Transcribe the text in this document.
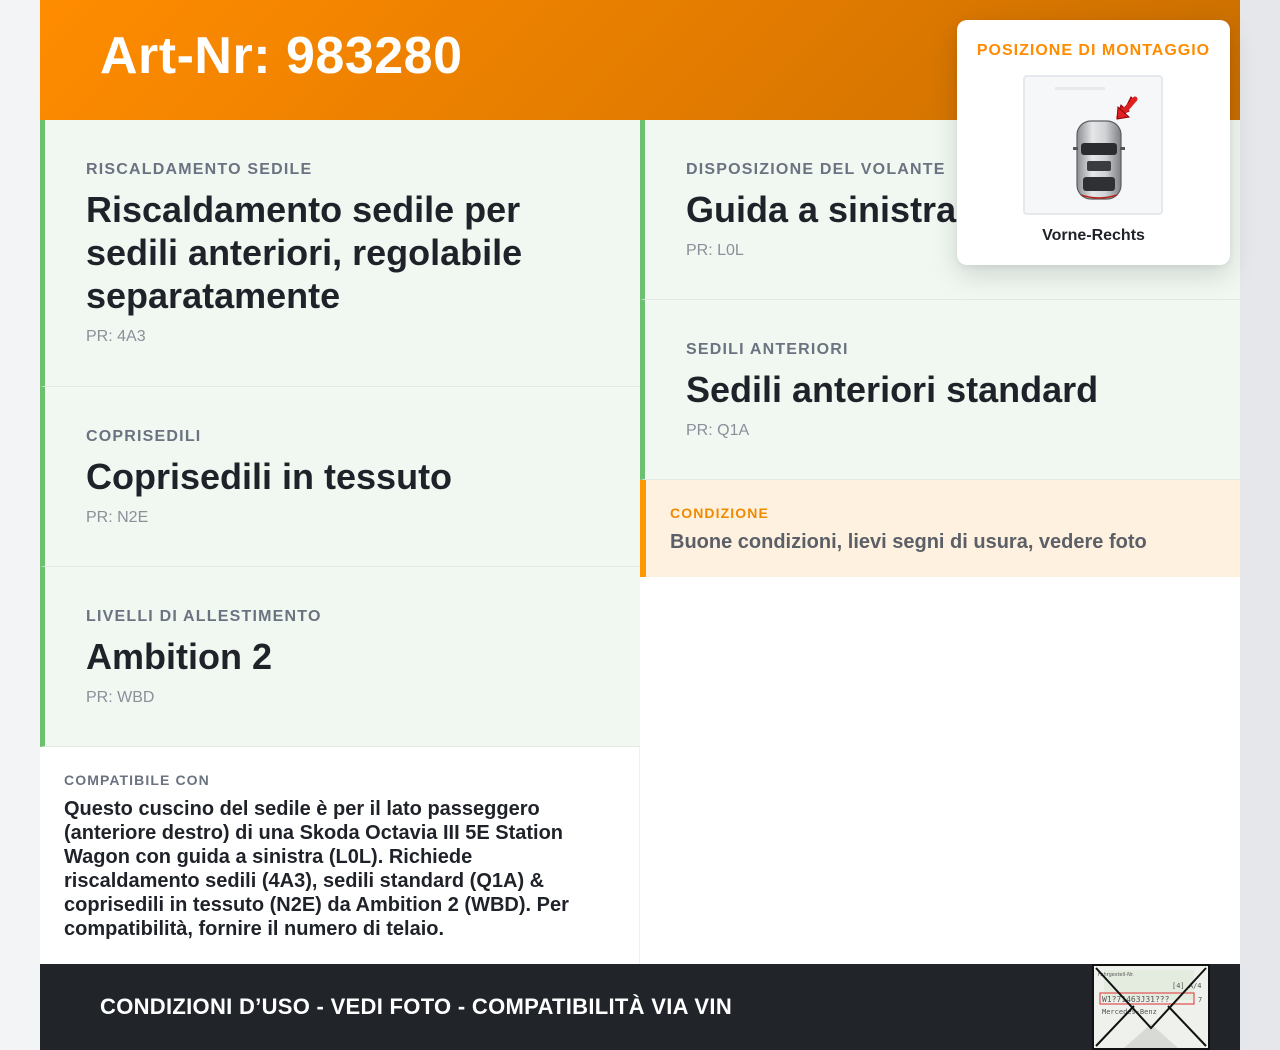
Art-Nr: 983280
RISCALDAMENTO SEDILE
Riscaldamento sedile per sedili anteriori, regolabile separatamente
PR: 4A3
COPRISEDILI
Coprisedili in tessuto
PR: N2E
LIVELLI DI ALLESTIMENTO
Ambition 2
PR: WBD
COMPATIBILE CON
Questo cuscino del sedile è per il lato passeggero (anteriore destro) di una Skoda Octavia III 5E Station Wagon con guida a sinistra (L0L). Richiede riscaldamento sedili (4A3), sedili standard (Q1A) & coprisedili in tessuto (N2E) da Ambition 2 (WBD). Per compatibilità, fornire il numero di telaio.
DISPOSIZIONE DEL VOLANTE
Guida a sinistra
PR: L0L
SEDILI ANTERIORI
Sedili anteriori standard
PR: Q1A
CONDIZIONE
Buone condizioni, lievi segni di usura, vedere foto
CONDIZIONI D’USO - VEDI FOTO - COMPATIBILITÀ VIA VIN
Fahrgestell-Nr.
[4] A/4
W1?71463J31???	7
Mercedes-Benz
POSIZIONE DI MONTAGGIO
Vorne-Rechts
